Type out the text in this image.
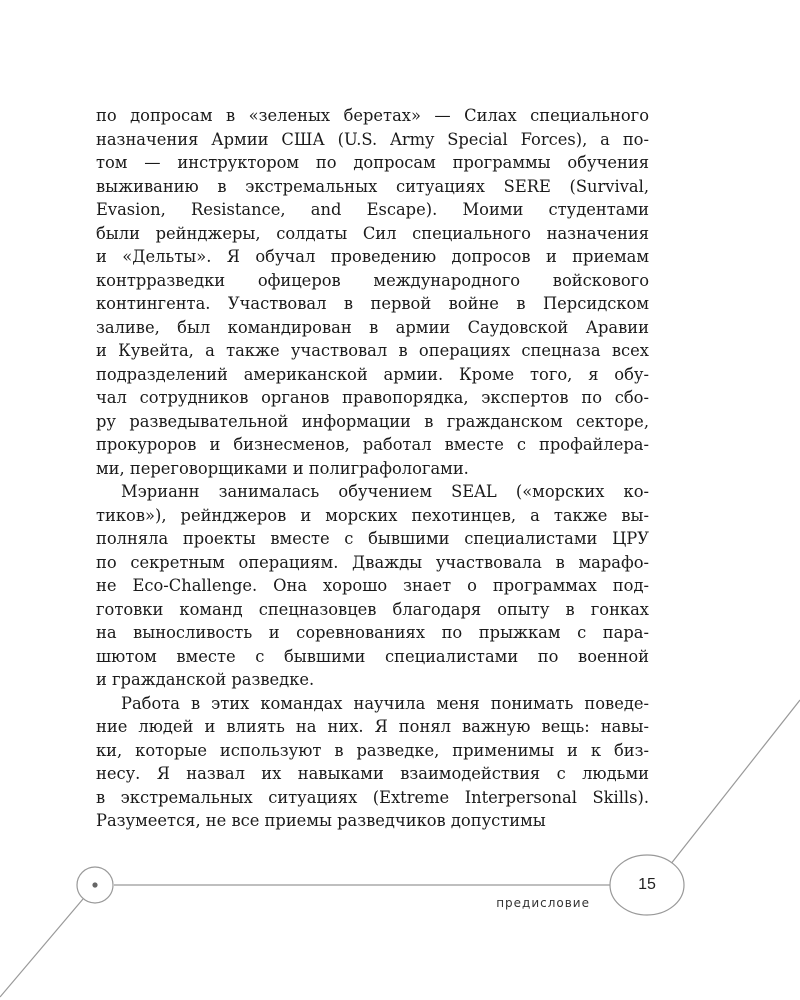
по допросам в «зеленых беретах» — Силах специального
назначения Армии США (U.S. Army Special Forces), а по-
том — инструктором по допросам программы обучения
выживанию в экстремальных ситуациях SERE (Survival,
Evasion, Resistance, and Escape). Моими студентами
были рейнджеры, солдаты Сил специального назначения
и «Дельты». Я обучал проведению допросов и приемам
контрразведки офицеров международного войскового
контингента. Участвовал в первой войне в Персидском
заливе, был командирован в армии Саудовской Аравии
и Кувейта, а также участвовал в операциях спецназа всех
подразделений американской армии. Кроме того, я обу-
чал сотрудников органов правопорядка, экспертов по сбо-
ру разведывательной информации в гражданском секторе,
прокуроров и бизнесменов, работал вместе с профайлера-
ми, переговорщиками и полиграфологами.
Мэрианн занималась обучением SEAL («морских ко-
тиков»), рейнджеров и морских пехотинцев, а также вы-
полняла проекты вместе с бывшими специалистами ЦРУ
по секретным операциям. Дважды участвовала в марафо-
не Eco-Challenge. Она хорошо знает о программах под-
готовки команд спецназовцев благодаря опыту в гонках
на выносливость и соревнованиях по прыжкам с пара-
шютом вместе с бывшими специалистами по военной
и гражданской разведке.
Работа в этих командах научила меня понимать поведе-
ние людей и влиять на них. Я понял важную вещь: навы-
ки, которые используют в разведке, применимы и к биз-
несу. Я назвал их навыками взаимодействия с людьми
в экстремальных ситуациях (Extreme Interpersonal Skills).
Разумеется, не все приемы разведчиков допустимы
15
предисловие
